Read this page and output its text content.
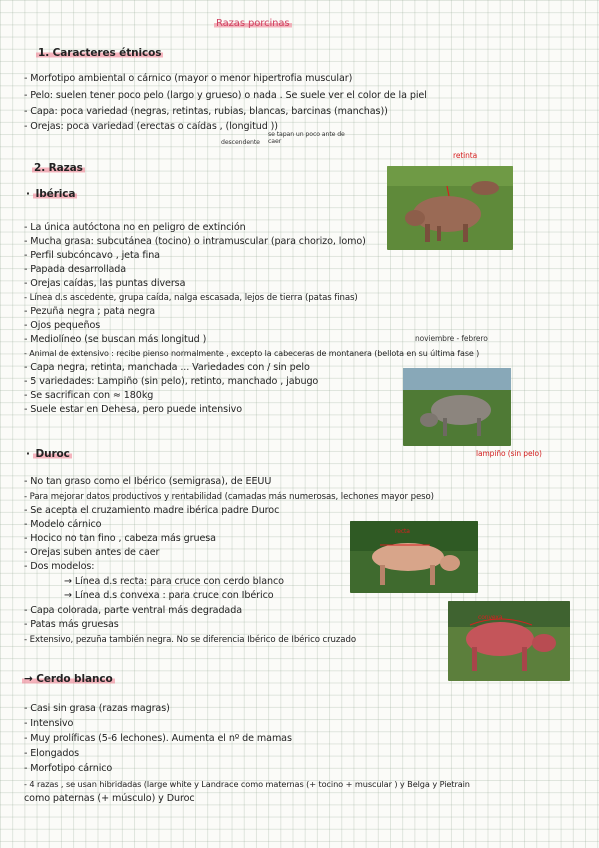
Razas porcinas
1. Caracteres étnicos
- Morfotipo ambiental o cárnico (mayor o menor hipertrofia muscular)
- Pelo: suelen tener poco pelo (largo y grueso) o nada . Se suele ver el color de la piel
- Capa: poca variedad (negras, retintas, rubias, blancas, barcinas (manchas))
- Orejas: poca variedad (erectas o caídas , (longitud ))
descendente
se tapan un poco ante de caer
2. Razas
· Ibérica
retinta
- La única autóctona no en peligro de extinción
- Mucha grasa: subcutánea (tocino) o intramuscular (para chorizo, lomo)
- Perfil subcóncavo , jeta fina
- Papada desarrollada
- Orejas caídas, las puntas diversa
- Línea d.s ascedente, grupa caída, nalga escasada, lejos de tierra (patas finas)
- Pezuña negra ; pata negra
- Ojos pequeños
- Mediolíneo (se buscan más longitud )	noviembre - febrero
- Animal de extensivo : recibe pienso normalmente , excepto la cabeceras de montanera (bellota en su última fase )
- Capa negra, retinta, manchada ... Variedades con / sin pelo
- 5 variedades: Lampiño (sin pelo), retinto, manchado , jabugo
- Se sacrifican con ≈ 180kg
- Suele estar en Dehesa, pero puede intensivo
lampiño (sin pelo)
· Duroc
- No tan graso como el Ibérico (semigrasa), de EEUU
- Para mejorar datos productivos y rentabilidad (camadas más numerosas, lechones mayor peso)
- Se acepta el cruzamiento madre ibérica padre Duroc
- Modelo cárnico
- Hocico no tan fino , cabeza más gruesa
- Orejas suben antes de caer
- Dos modelos:
→ Línea d.s recta: para cruce con cerdo blanco
→ Línea d.s convexa : para cruce con Ibérico
- Capa colorada, parte ventral más degradada
- Patas más gruesas
- Extensivo, pezuña también negra. No se diferencia Ibérico de Ibérico cruzado
recta
convexa
→ Cerdo blanco
- Casi sin grasa (razas magras)
- Intensivo
- Muy prolíficas (5-6 lechones). Aumenta el nº de mamas
- Elongados
- Morfotipo cárnico
- 4 razas , se usan hibridadas (large white y Landrace como maternas (+ tocino + muscular ) y Belga y Pietrain
como paternas (+ músculo) y Duroc
